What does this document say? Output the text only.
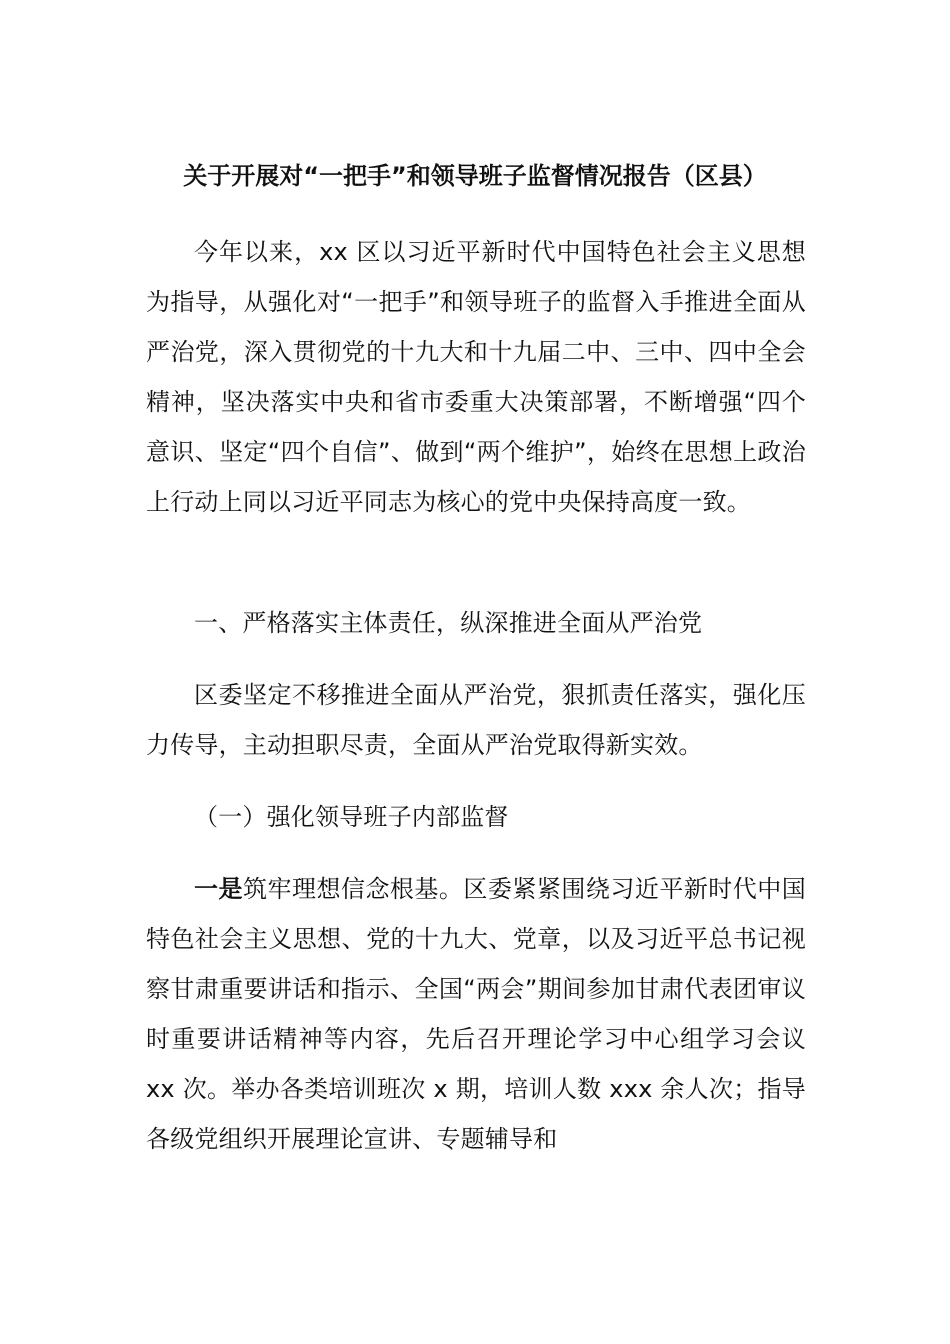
关于开展对“一把手”和领导班子监督情况报告（区县）
今年以来，xx 区以习近平新时代中国特色社会主义思想为指导，从强化对“一把手”和领导班子的监督入手推进全面从严治党，深入贯彻党的十九大和十九届二中、三中、四中全会精神，坚决落实中央和省市委重大决策部署，不断增强“四个意识、坚定“四个自信”、做到“两个维护”，始终在思想上政治上行动上同以习近平同志为核心的党中央保持高度一致。
一、严格落实主体责任，纵深推进全面从严治党
区委坚定不移推进全面从严治党，狠抓责任落实，强化压力传导，主动担职尽责，全面从严治党取得新实效。
（一）强化领导班子内部监督
一是筑牢理想信念根基。区委紧紧围绕习近平新时代中国特色社会主义思想、党的十九大、党章，以及习近平总书记视察甘肃重要讲话和指示、全国“两会”期间参加甘肃代表团审议时重要讲话精神等内容，先后召开理论学习中心组学习会议 xx 次。举办各类培训班次 x 期，培训人数 xxx 余人次；指导各级党组织开展理论宣讲、专题辅导和
